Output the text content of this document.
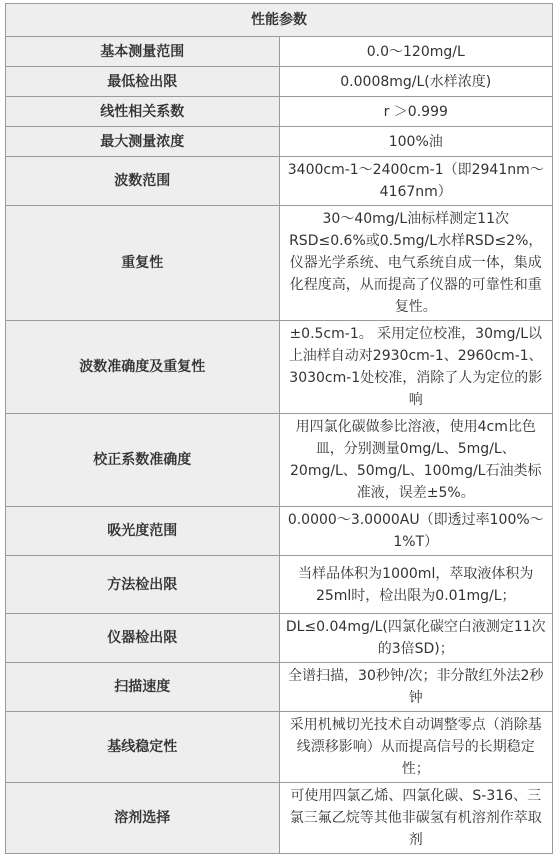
性能参数	
基本测量范围	0.0～120mg/L
最低检出限	0.0008mg/L(水样浓度)
线性相关系数	r ＞0.999
最大测量浓度	100%油
波数范围	3400cm-1～2400cm-1（即2941nm～4167nm）
重复性	30～40mg/L油标样测定11次 RSD≤0.6%或0.5mg/L水样RSD≤2%，仪器光学系统、电气系统自成一体，集成化程度高，从而提高了仪器的可靠性和重复性。
波数准确度及重复性	±0.5cm-1。 采用定位校准，30mg/L以上油样自动对2930cm-1、2960cm-1、3030cm-1处校准，消除了人为定位的影响
校正系数准确度	用四氯化碳做参比溶液，使用4cm比色皿，分别测量0mg/L、5mg/L、20mg/L、50mg/L、100mg/L石油类标准液，误差±5%。
吸光度范围	0.0000～3.0000AU（即透过率100%～1%T）
方法检出限	当样品体积为1000ml，萃取液体积为25ml时，检出限为0.01mg/L；
仪器检出限	DL≤0.04mg/L(四氯化碳空白液测定11次的3倍SD)；
扫描速度	全谱扫描，30秒钟/次；非分散红外法2秒钟
基线稳定性	采用机械切光技术自动调整零点（消除基线漂移影响）从而提高信号的长期稳定性；
溶剂选择	可使用四氯乙烯、四氯化碳、S-316、三氯三氟乙烷等其他非碳氢有机溶剂作萃取剂
